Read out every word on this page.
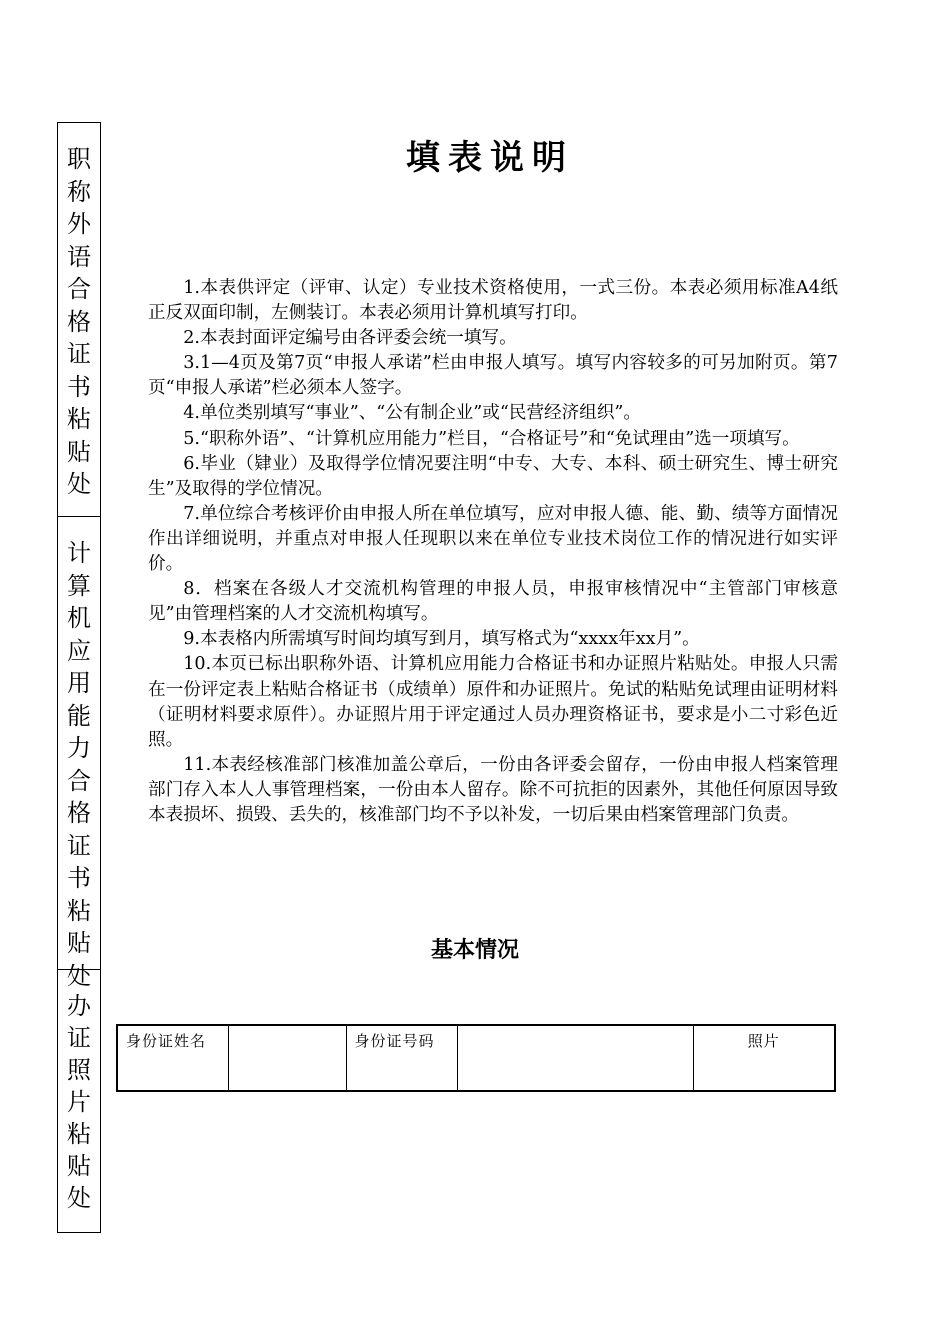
职
称
外
语
合
格
证
书
粘
贴
处
计
算
机
应
用
能
力
合
格
证
书
粘
贴
处
办
证
照
片
粘
贴
处
填表说明

1.本表供评定（评审、认定）专业技术资格使用，一式三份。本表必须用标准A4纸正反双面印制，左侧装订。本表必须用计算机填写打印。

2.本表封面评定编号由各评委会统一填写。

3.1—4页及第7页“申报人承诺”栏由申报人填写。填写内容较多的可另加附页。第7页“申报人承诺”栏必须本人签字。

4.单位类别填写“事业”、“公有制企业”或“民营经济组织”。

5.“职称外语”、“计算机应用能力”栏目，“合格证号”和“免试理由”选一项填写。

6.毕业（肄业）及取得学位情况要注明“中专、大专、本科、硕士研究生、博士研究生”及取得的学位情况。

7.单位综合考核评价由申报人所在单位填写，应对申报人德、能、勤、绩等方面情况作出详细说明，并重点对申报人任现职以来在单位专业技术岗位工作的情况进行如实评价。

8．档案在各级人才交流机构管理的申报人员，申报审核情况中“主管部门审核意见”由管理档案的人才交流机构填写。

9.本表格内所需填写时间均填写到月，填写格式为“xxxx年xx月”。

10.本页已标出职称外语、计算机应用能力合格证书和办证照片粘贴处。申报人只需在一份评定表上粘贴合格证书（成绩单）原件和办证照片。免试的粘贴免试理由证明材料（证明材料要求原件）。办证照片用于评定通过人员办理资格证书，要求是小二寸彩色近照。

11.本表经核准部门核准加盖公章后，一份由各评委会留存，一份由申报人档案管理部门存入本人人事管理档案，一份由本人留存。除不可抗拒的因素外，其他任何原因导致本表损坏、损毁、丢失的，核准部门均不予以补发，一切后果由档案管理部门负责。

基本情况
身份证姓名		身份证号码		照片
